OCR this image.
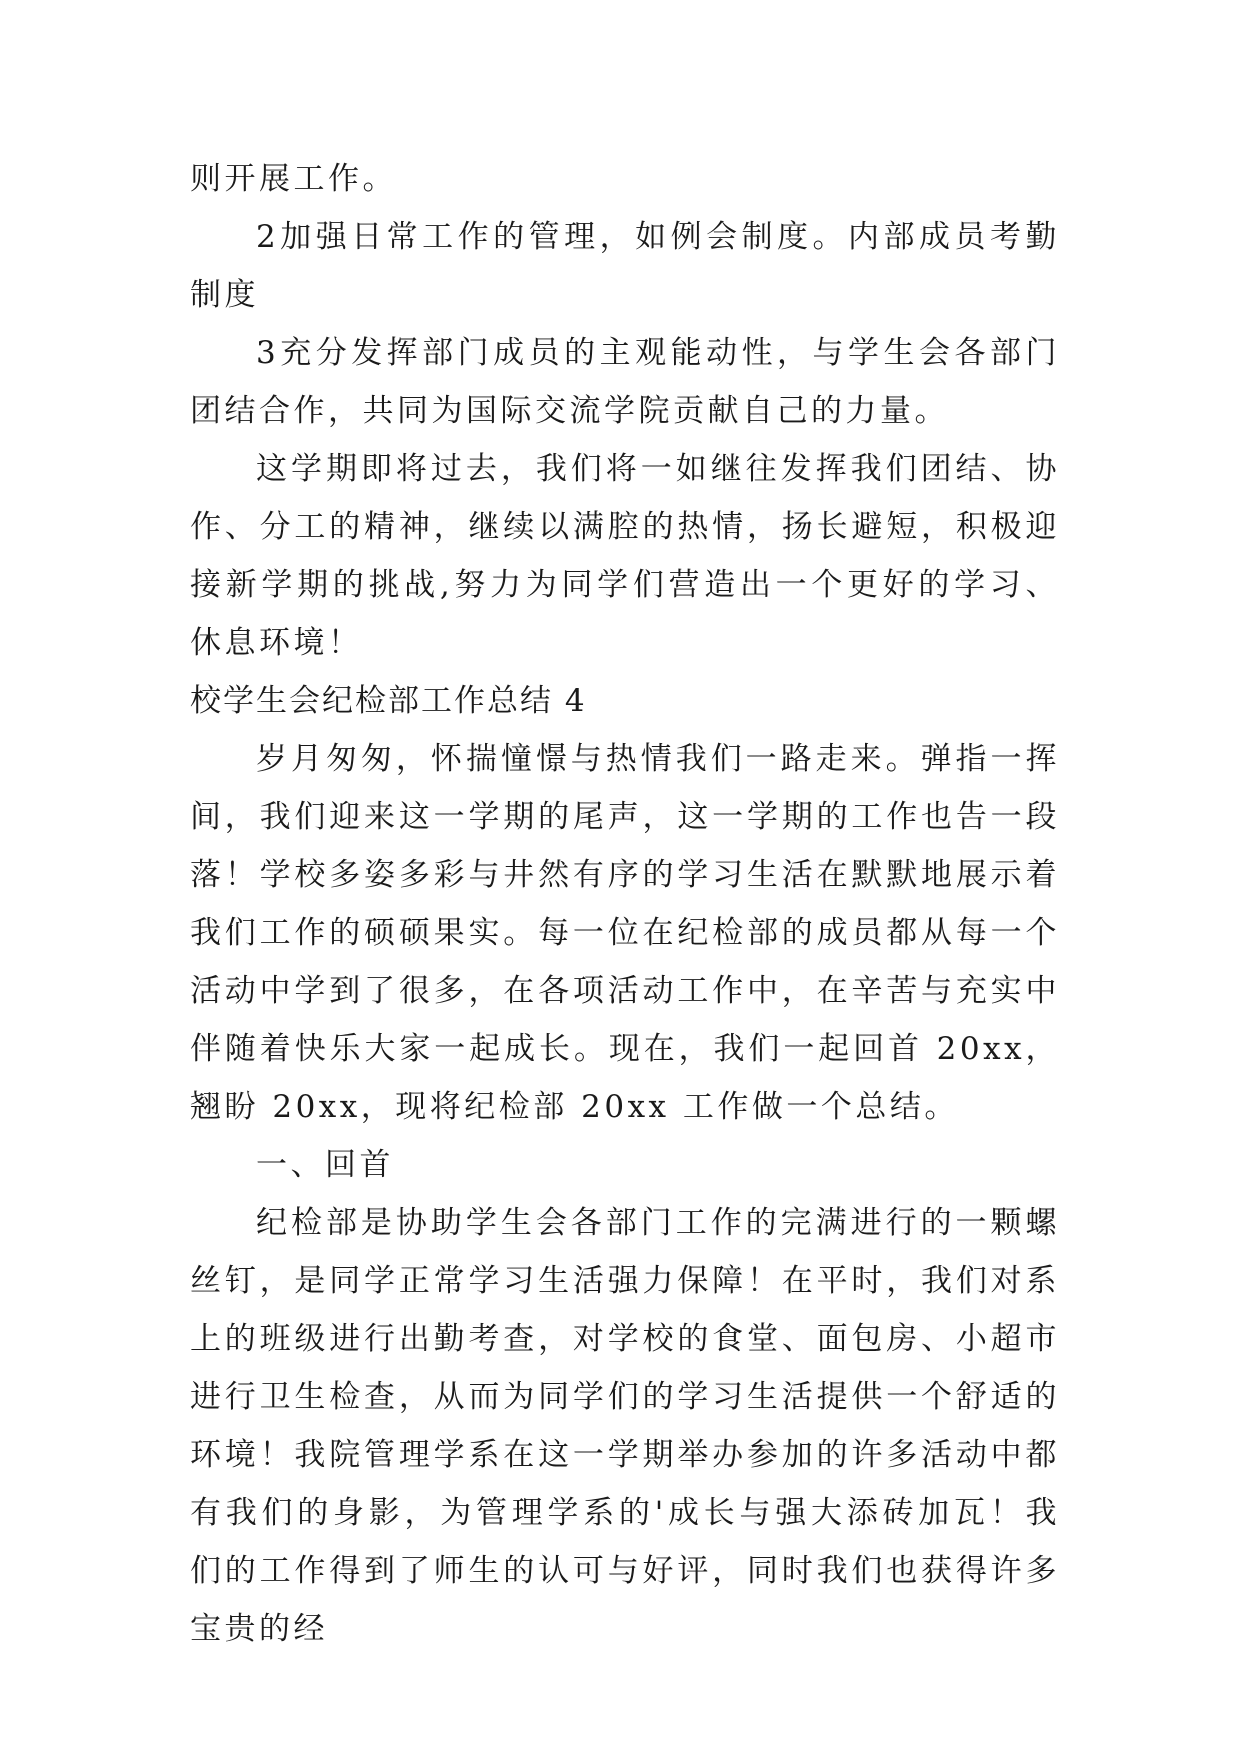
则开展工作。

2加强日常工作的管理，如例会制度。内部成员考勤制度

3充分发挥部门成员的主观能动性，与学生会各部门团结合作，共同为国际交流学院贡献自己的力量。

这学期即将过去，我们将一如继往发挥我们团结、协作、分工的精神，继续以满腔的热情，扬长避短，积极迎接新学期的挑战,努力为同学们营造出一个更好的学习、休息环境！

校学生会纪检部工作总结 4

岁月匆匆，怀揣憧憬与热情我们一路走来。弹指一挥间，我们迎来这一学期的尾声，这一学期的工作也告一段落！学校多姿多彩与井然有序的学习生活在默默地展示着我们工作的硕硕果实。每一位在纪检部的成员都从每一个活动中学到了很多，在各项活动工作中，在辛苦与充实中伴随着快乐大家一起成长。现在，我们一起回首 20xx，翘盼 20xx，现将纪检部 20xx 工作做一个总结。

一、回首

纪检部是协助学生会各部门工作的完满进行的一颗螺丝钉，是同学正常学习生活强力保障！在平时，我们对系上的班级进行出勤考查，对学校的食堂、面包房、小超市进行卫生检查，从而为同学们的学习生活提供一个舒适的环境！我院管理学系在这一学期举办参加的许多活动中都有我们的身影，为管理学系的'成长与强大添砖加瓦！我们的工作得到了师生的认可与好评，同时我们也获得许多宝贵的经
